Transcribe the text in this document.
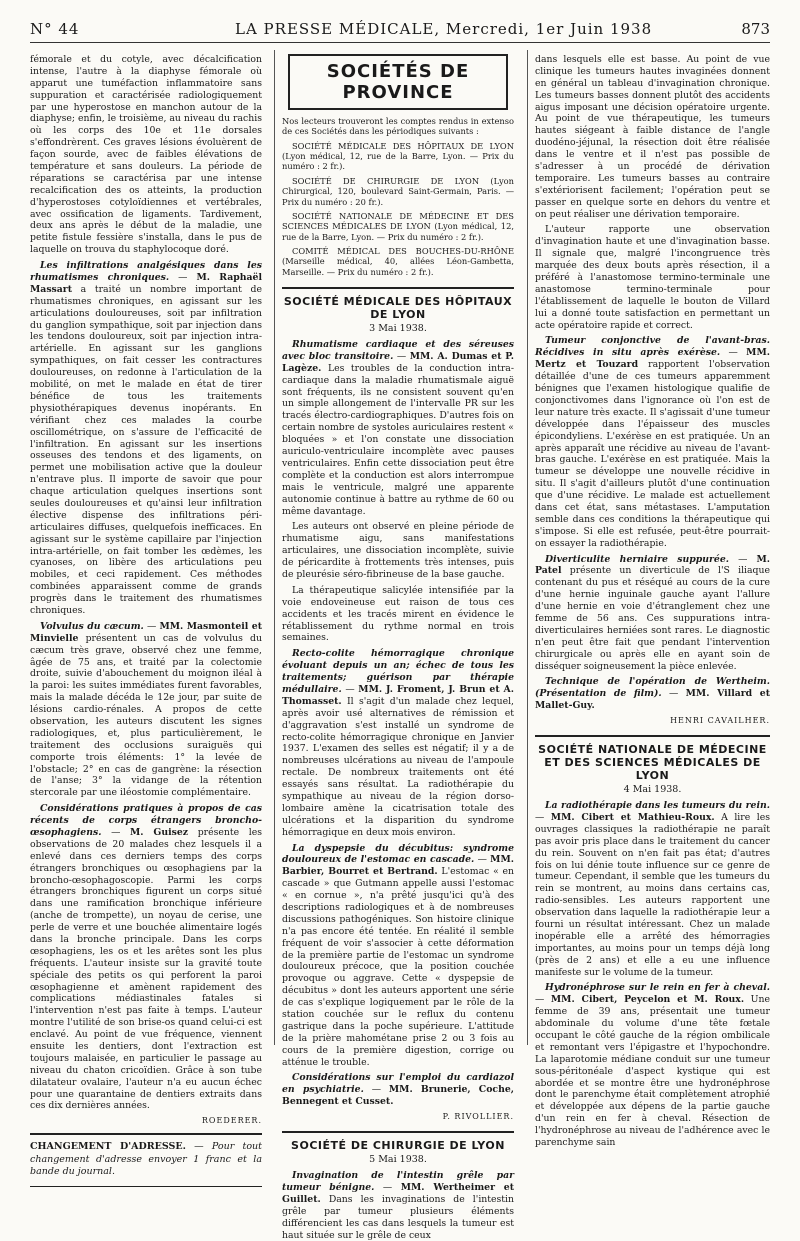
N° 44	LA PRESSE MÉDICALE, Mercredi, 1er Juin 1938	873

fémorale et du cotyle, avec décalcification intense, l'autre à la diaphyse fémorale où apparut une tuméfaction inflammatoire sans suppuration et caractérisée radiologiquement par une hyperostose en manchon autour de la diaphyse; enfin, le troisième, au niveau du rachis où les corps des 10e et 11e dorsales s'effondrèrent. Ces graves lésions évoluèrent de façon sourde, avec de faibles élévations de température et sans douleurs. La période de réparations se caractérisa par une intense recalcification des os atteints, la production d'hyperostoses cotyloïdiennes et vertébrales, avec ossification de ligaments. Tardivement, deux ans après le début de la maladie, une petite fistule fessière s'installa, dans le pus de laquelle on trouva du staphylocoque doré.

Les infiltrations analgésiques dans les rhumatismes chroniques. — M. Raphaël Massart a traité un nombre important de rhumatismes chroniques, en agissant sur les articulations douloureuses, soit par infiltration du ganglion sympathique, soit par injection dans les tendons douloureux, soit par injection intra-artérielle. En agissant sur les ganglions sympathiques, on fait cesser les contractures douloureuses, on redonne à l'articulation de la mobilité, on met le malade en état de tirer bénéfice de tous les traitements physiothérapiques devenus inopérants. En vérifiant chez ces malades la courbe oscillométrique, on s'assure de l'efficacité de l'infiltration. En agissant sur les insertions osseuses des tendons et des ligaments, on permet une mobilisation active que la douleur n'entrave plus. Il importe de savoir que pour chaque articulation quelques insertions sont seules douloureuses et qu'ainsi leur infiltration élective dispense des infiltrations péri-articulaires diffuses, quelquefois inefficaces. En agissant sur le système capillaire par l'injection intra-artérielle, on fait tomber les œdèmes, les cyanoses, on libère des articulations peu mobiles, et ceci rapidement. Ces méthodes combinées apparaissent comme de grands progrès dans le traitement des rhumatismes chroniques.

Volvulus du cæcum. — MM. Masmonteil et Minvielle présentent un cas de volvulus du cæcum très grave, observé chez une femme, âgée de 75 ans, et traité par la colectomie droite, suivie d'abouchement du moignon iléal à la paroi: les suites immédiates furent favorables, mais la malade décéda le 12e jour, par suite de lésions cardio-rénales. A propos de cette observation, les auteurs discutent les signes radiologiques, et, plus particulièrement, le traitement des occlusions suraiguës qui comporte trois éléments: 1° la levée de l'obstacle; 2° en cas de gangrène: la résection de l'anse; 3° la vidange de la rétention stercorale par une iléostomie complémentaire.

Considérations pratiques à propos de cas récents de corps étrangers broncho-œsophagiens. — M. Guisez présente les observations de 20 malades chez lesquels il a enlevé dans ces derniers temps des corps étrangers bronchiques ou œsophagiens par la broncho-œsophagoscopie. Parmi les corps étrangers bronchiques figurent un corps situé dans une ramification bronchique inférieure (anche de trompette), un noyau de cerise, une perle de verre et une bouchée alimentaire logés dans la bronche principale. Dans les corps œsophagiens, les os et les arêtes sont les plus fréquents. L'auteur insiste sur la gravité toute spéciale des petits os qui perforent la paroi œsophagienne et amènent rapidement des complications médiastinales fatales si l'intervention n'est pas faite à temps. L'auteur montre l'utilité de son brise-os quand celui-ci est enclavé. Au point de vue fréquence, viennent ensuite les dentiers, dont l'extraction est toujours malaisée, en particulier le passage au niveau du chaton cricoïdien. Grâce à son tube dilatateur ovalaire, l'auteur n'a eu aucun échec pour une quarantaine de dentiers extraits dans ces dix dernières années.

ROEDERER.

CHANGEMENT D'ADRESSE. — Pour tout changement d'adresse envoyer 1 franc et la bande du journal.

SOCIÉTÉS DE PROVINCE

Nos lecteurs trouveront les comptes rendus in extenso de ces Sociétés dans les périodiques suivants :

SOCIÉTÉ MÉDICALE DES HÔPITAUX DE LYON (Lyon médical, 12, rue de la Barre, Lyon. — Prix du numéro : 2 fr.).

SOCIÉTÉ DE CHIRURGIE DE LYON (Lyon Chirurgical, 120, boulevard Saint-Germain, Paris. — Prix du numéro : 20 fr.).

SOCIÉTÉ NATIONALE DE MÉDECINE ET DES SCIENCES MÉDICALES DE LYON (Lyon médical, 12, rue de la Barre, Lyon. — Prix du numéro : 2 fr.).

COMITÉ MÉDICAL DES BOUCHES-DU-RHÔNE (Marseille médical, 40, allées Léon-Gambetta, Marseille. — Prix du numéro : 2 fr.).

SOCIÉTÉ MÉDICALE DES HÔPITAUX DE LYON
3 Mai 1938.

Rhumatisme cardiaque et des séreuses avec bloc transitoire. — MM. A. Dumas et P. Lagèze. Les troubles de la conduction intra-cardiaque dans la maladie rhumatismale aiguë sont fréquents, ils ne consistent souvent qu'en un simple allongement de l'intervalle PR sur les tracés électro-cardiographiques. D'autres fois on certain nombre de systoles auriculaires restent « bloquées » et l'on constate une dissociation auriculo-ventriculaire incomplète avec pauses ventriculaires. Enfin cette dissociation peut être complète et la conduction est alors interrompue mais le ventricule, malgré une apparente autonomie continue à battre au rythme de 60 ou même davantage.

Les auteurs ont observé en pleine période de rhumatisme aigu, sans manifestations articulaires, une dissociation incomplète, suivie de péricardite à frottements très intenses, puis de pleurésie séro-fibrineuse de la base gauche.

La thérapeutique salicylée intensifiée par la voie endoveineuse eut raison de tous ces accidents et les tracés mirent en évidence le rétablissement du rythme normal en trois semaines.

Recto-colite hémorragique chronique évoluant depuis un an; échec de tous les traitements; guérison par thérapie médullaire. — MM. J. Froment, J. Brun et A. Thomasset. Il s'agit d'un malade chez lequel, après avoir usé alternatives de rémission et d'aggravation s'est installé un syndrome de recto-colite hémorragique chronique en Janvier 1937. L'examen des selles est négatif; il y a de nombreuses ulcérations au niveau de l'ampoule rectale. De nombreux traitements ont été essayés sans résultat. La radiothérapie du sympathique au niveau de la région dorso-lombaire amène la cicatrisation totale des ulcérations et la disparition du syndrome hémorragique en deux mois environ.

La dyspepsie du décubitus: syndrome douloureux de l'estomac en cascade. — MM. Barbier, Bourret et Bertrand. L'estomac « en cascade » que Gutmann appelle aussi l'estomac « en cornue », n'a prêté jusqu'ici qu'à des descriptions radiologiques et à de nombreuses discussions pathogéniques. Son histoire clinique n'a pas encore été tentée. En réalité il semble fréquent de voir s'associer à cette déformation de la première partie de l'estomac un syndrome douloureux précoce, que la position couchée provoque ou aggrave. Cette « dyspepsie de décubitus » dont les auteurs apportent une série de cas s'explique logiquement par le rôle de la station couchée sur le reflux du contenu gastrique dans la poche supérieure. L'attitude de la prière mahométane prise 2 ou 3 fois au cours de la première digestion, corrige ou atténue le trouble.

Considérations sur l'emploi du cardiazol en psychiatrie. — MM. Brunerie, Coche, Bennegent et Cusset.

P. RIVOLLIER.
SOCIÉTÉ DE CHIRURGIE DE LYON
5 Mai 1938.

Invagination de l'intestin grêle par tumeur bénigne. — MM. Wertheimer et Guillet. Dans les invaginations de l'intestin grêle par tumeur plusieurs éléments différencient les cas dans lesquels la tumeur est haut située sur le grêle de ceux

dans lesquels elle est basse. Au point de vue clinique les tumeurs hautes invaginées donnent en général un tableau d'invagination chronique. Les tumeurs basses donnent plutôt des accidents aigus imposant une décision opératoire urgente. Au point de vue thérapeutique, les tumeurs hautes siégeant à faible distance de l'angle duodéno-jéjunal, la résection doit être réalisée dans le ventre et il n'est pas possible de s'adresser à un procédé de dérivation temporaire. Les tumeurs basses au contraire s'extériorisent facilement; l'opération peut se passer en quelque sorte en dehors du ventre et on peut réaliser une dérivation temporaire.

L'auteur rapporte une observation d'invagination haute et une d'invagination basse. Il signale que, malgré l'incongruence très marquée des deux bouts après résection, il a préféré à l'anastomose termino-terminale une anastomose termino-terminale pour l'établissement de laquelle le bouton de Villard lui a donné toute satisfaction en permettant un acte opératoire rapide et correct.

Tumeur conjonctive de l'avant-bras. Récidives in situ après exérèse. — MM. Mertz et Touzard rapportent l'observation détaillée d'une de ces tumeurs apparemment bénignes que l'examen histologique qualifie de conjonctivomes dans l'ignorance où l'on est de leur nature très exacte. Il s'agissait d'une tumeur développée dans l'épaisseur des muscles épicondyliens. L'exérèse en est pratiquée. Un an après apparaît une récidive au niveau de l'avant-bras gauche. L'exérèse en est pratiquée. Mais la tumeur se développe une nouvelle récidive in situ. Il s'agit d'ailleurs plutôt d'une continuation que d'une récidive. Le malade est actuellement dans cet état, sans métastases. L'amputation semble dans ces conditions la thérapeutique qui s'impose. Si elle est refusée, peut-être pourrait-on essayer la radiothérapie.

Diverticulite herniaire suppurée. — M. Patel présente un diverticule de l'S iliaque contenant du pus et réséqué au cours de la cure d'une hernie inguinale gauche ayant l'allure d'une hernie en voie d'étranglement chez une femme de 56 ans. Ces suppurations intra-diverticulaires herniées sont rares. Le diagnostic n'en peut être fait que pendant l'intervention chirurgicale ou après elle en ayant soin de disséquer soigneusement la pièce enlevée.

Technique de l'opération de Wertheim. (Présentation de film). — MM. Villard et Mallet-Guy.

HENRI CAVAILHER.
SOCIÉTÉ NATIONALE DE MÉDECINE
ET DES SCIENCES MÉDICALES DE LYON
4 Mai 1938.

La radiothérapie dans les tumeurs du rein. — MM. Cibert et Mathieu-Roux. A lire les ouvrages classiques la radiothérapie ne paraît pas avoir pris place dans le traitement du cancer du rein. Souvent on n'en fait pas état; d'autres fois on lui dénie toute influence sur ce genre de tumeur. Cependant, il semble que les tumeurs du rein se montrent, au moins dans certains cas, radio-sensibles. Les auteurs rapportent une observation dans laquelle la radiothérapie leur a fourni un résultat intéressant. Chez un malade inopérable elle a arrêté des hémorragies importantes, au moins pour un temps déjà long (près de 2 ans) et elle a eu une influence manifeste sur le volume de la tumeur.

Hydronéphrose sur le rein en fer à cheval. — MM. Cibert, Peycelon et M. Roux. Une femme de 39 ans, présentait une tumeur abdominale du volume d'une tête fœtale occupant le côté gauche de la région ombilicale et remontant vers l'épigastre et l'hypochondre. La laparotomie médiane conduit sur une tumeur sous-péritonéale d'aspect kystique qui est abordée et se montre être une hydronéphrose dont le parenchyme était complètement atrophié et développée aux dépens de la partie gauche d'un rein en fer à cheval. Résection de l'hydronéphrose au niveau de l'adhérence avec le parenchyme sain
